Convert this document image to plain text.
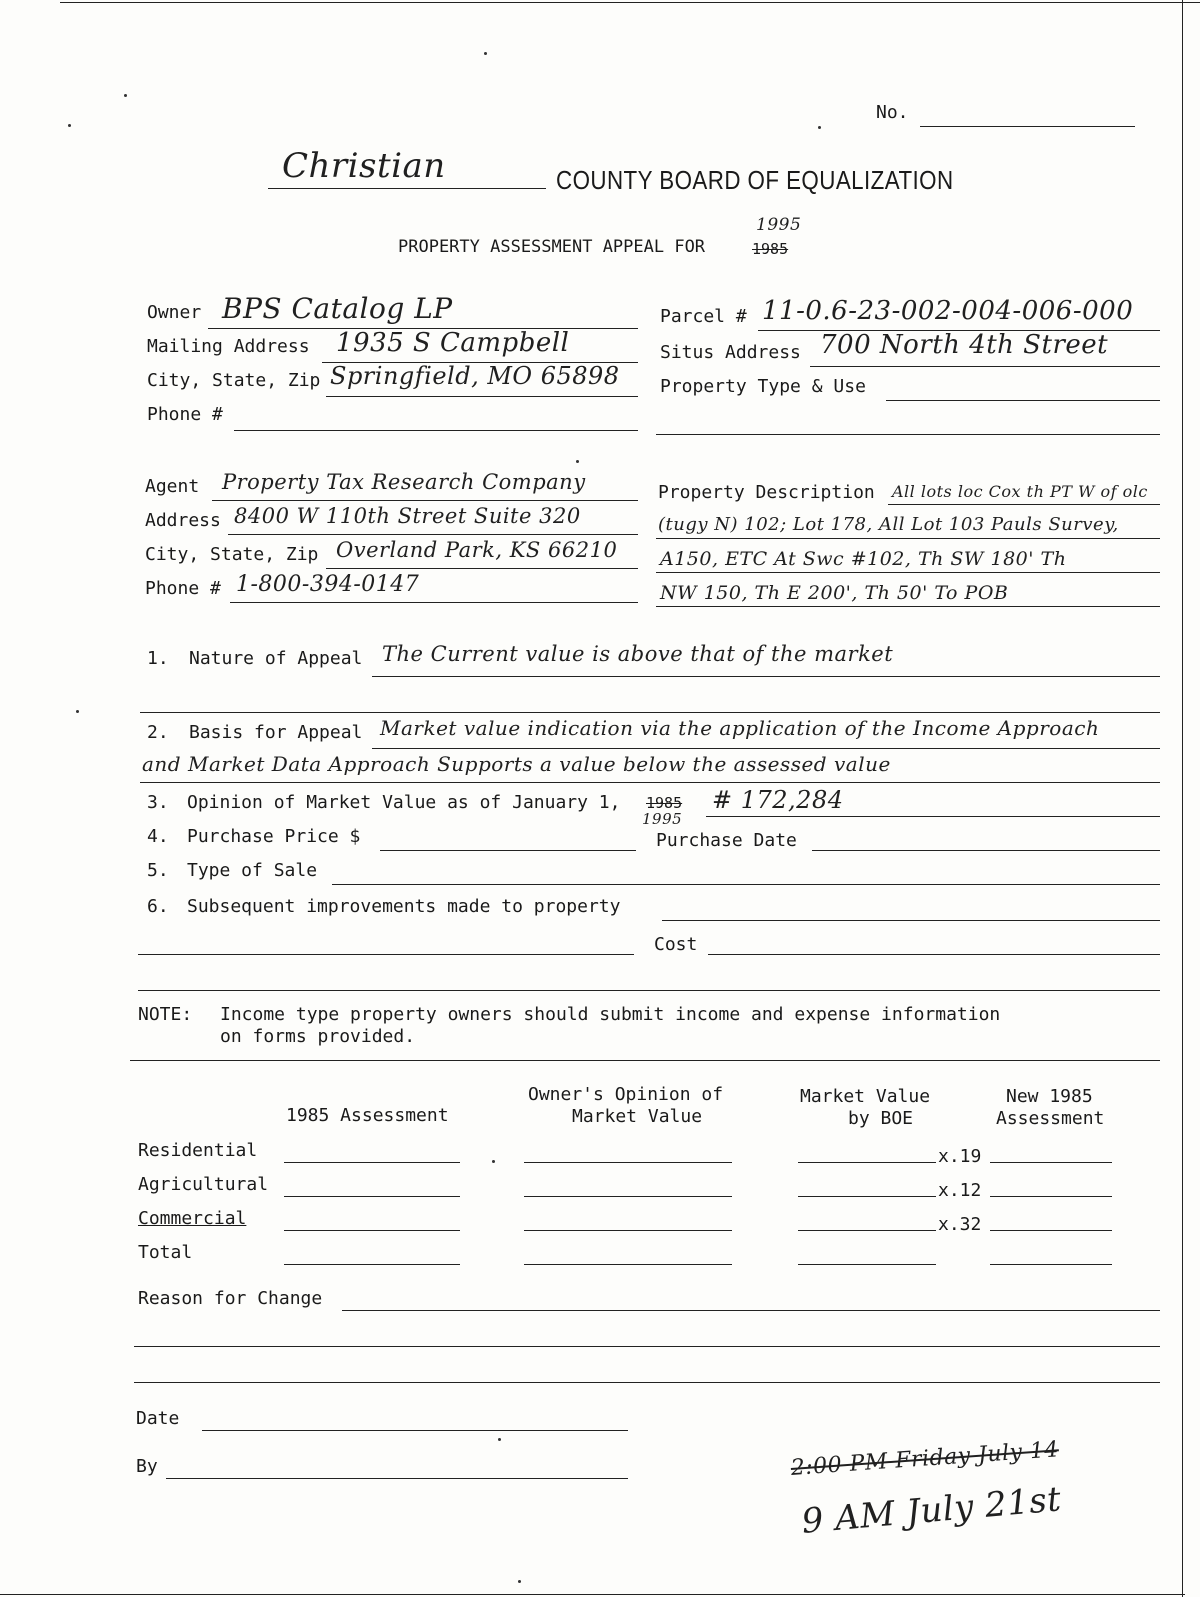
No.
Christian	COUNTY BOARD OF EQUALIZATION
PROPERTY ASSESSMENT APPEAL FOR
1995
1985
Owner BPS Catalog LP
Mailing Address 1935 S Campbell
City, State, Zip Springfield, MO 65898
Phone #
Parcel # 11-0.6-23-002-004-006-000
Situs Address 700 North 4th Street
Property Type & Use
Agent Property Tax Research Company
Address 8400 W 110th Street Suite 320
City, State, Zip Overland Park, KS 66210
Phone # 1-800-394-0147
Property Description All lots loc Cox th PT W of olc
(tugy N) 102; Lot 178, All Lot 103 Pauls Survey,
A150, ETC At Swc #102, Th SW 180' Th
NW 150, Th E 200', Th 50' To POB
1. Nature of Appeal The Current value is above that of the market
2. Basis for Appeal Market value indication via the application of the Income Approach
and Market Data Approach Supports a value below the assessed value
3. Opinion of Market Value as of January 1, 1985
1995
# 172,284
4. Purchase Price $	Purchase Date
5. Type of Sale
6. Subsequent improvements made to property
Cost
NOTE: Income type property owners should submit income and expense information
on forms provided.
1985 Assessment
Owner's Opinion of
Market Value
Market Value
by BOE
New 1985
Assessment
Residential	x.19
Agricultural	x.12
Commercial	x.32
Total
Reason for Change
Date
By	2:00 PM Friday July 14
9 AM July 21st
